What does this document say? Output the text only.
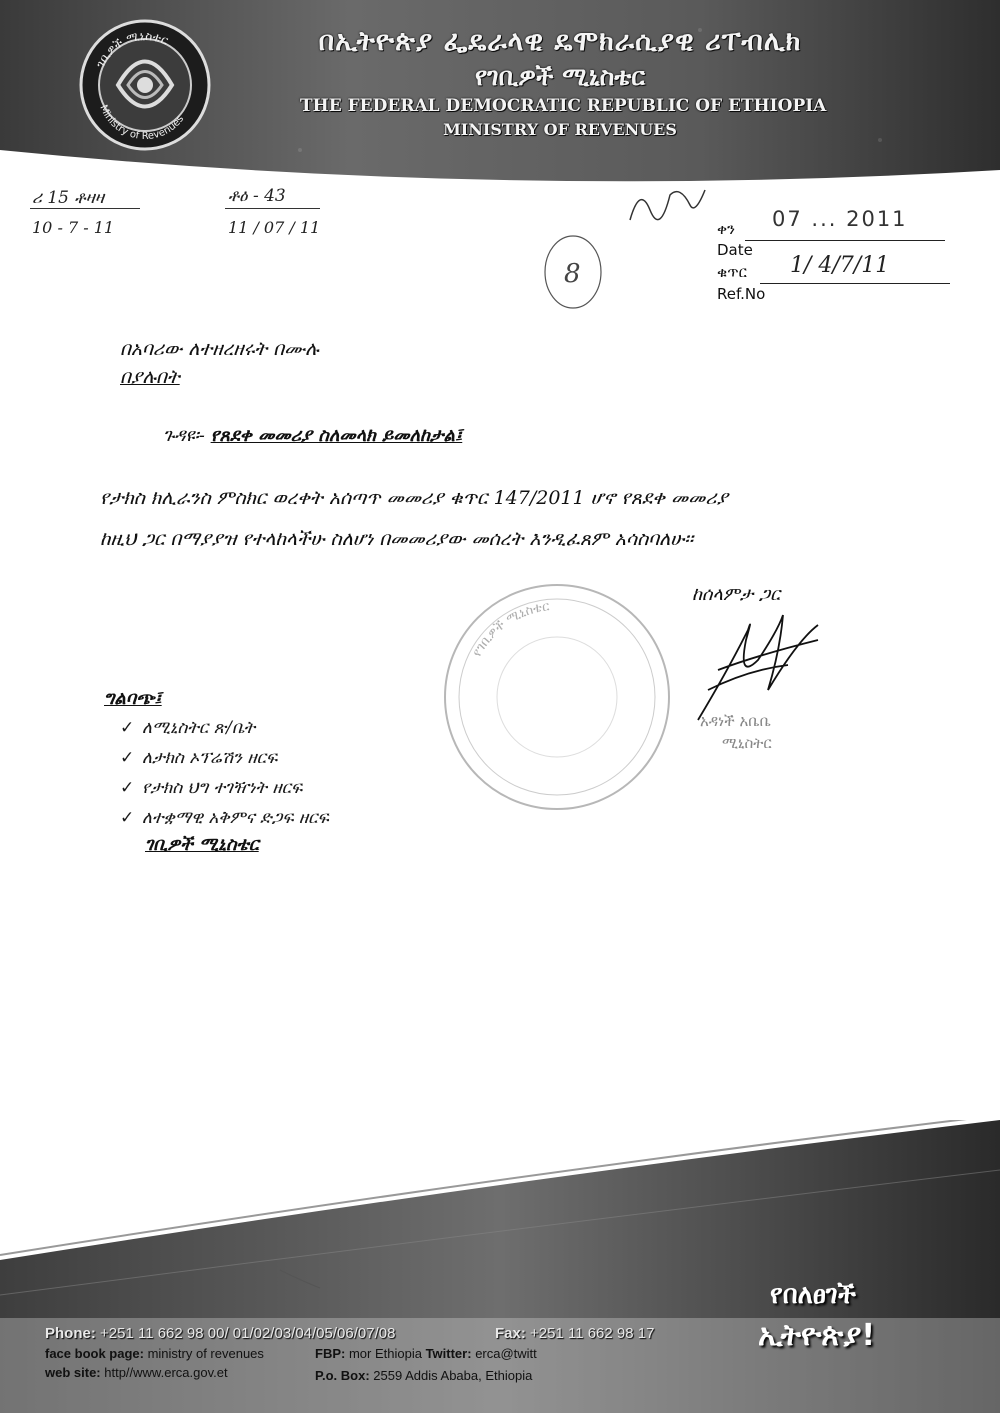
ገቢዎች ሚኒስቴር
Ministry of Revenues
በኢትዮጵያ ፌዴራላዊ ዴሞክራሲያዊ ሪፐብሊክ
የገቢዎች ሚኒስቴር
THE FEDERAL DEMOCRATIC REPUBLIC OF ETHIOPIA
MINISTRY OF REVENUES
ሪ 15 ቶዛዛ
10 - 7 - 11
ቶዕ - 43
11 / 07 / 11
8
ቀን 07 ... 2011
Date
ቁጥር 1/ 4/7/11
Ref.No
በአባሪው ለተዘረዘሩት በሙሉ
በያሉበት
ጉዳዩ፡- የጸደቀ መመሪያ ስለመላክ ይመለከታል፤
የታክስ ክሊራንስ ምስክር ወረቀት አሰጣጥ መመሪያ ቁጥር 147/2011 ሆኖ የጸደቀ መመሪያ
ከዚህ ጋር በማያያዝ የተላከላችሁ ስለሆነ በመመሪያው መሰረት እንዲፈጸም አሳስባለሁ፡፡
የገቢዎች ሚኒስቴር
ከሰላምታ ጋር
አዳነች አቤቤ
ሚኒስትር
ግልባጭ፤
✓ ለሚኒስትር ጽ/ቤት
✓ ለታክስ ኦፕሬሽን ዘርፍ
✓ የታክስ ህግ ተገዥነት ዘርፍ
✓ ለተቋማዊ አቅምና ድጋፍ ዘርፍ
ገቢዎች ሚኒስቴር
Phone: +251 11 662 98 00/ 01/02/03/04/05/06/07/08	Fax: +251 11 662 98 17
face book page: ministry of revenues	FBP: mor Ethiopia Twitter: erca@twitt
web site: http//www.erca.gov.et	P.o. Box: 2559 Addis Ababa, Ethiopia
የበለፀገች
ኢትዮጵያ!
